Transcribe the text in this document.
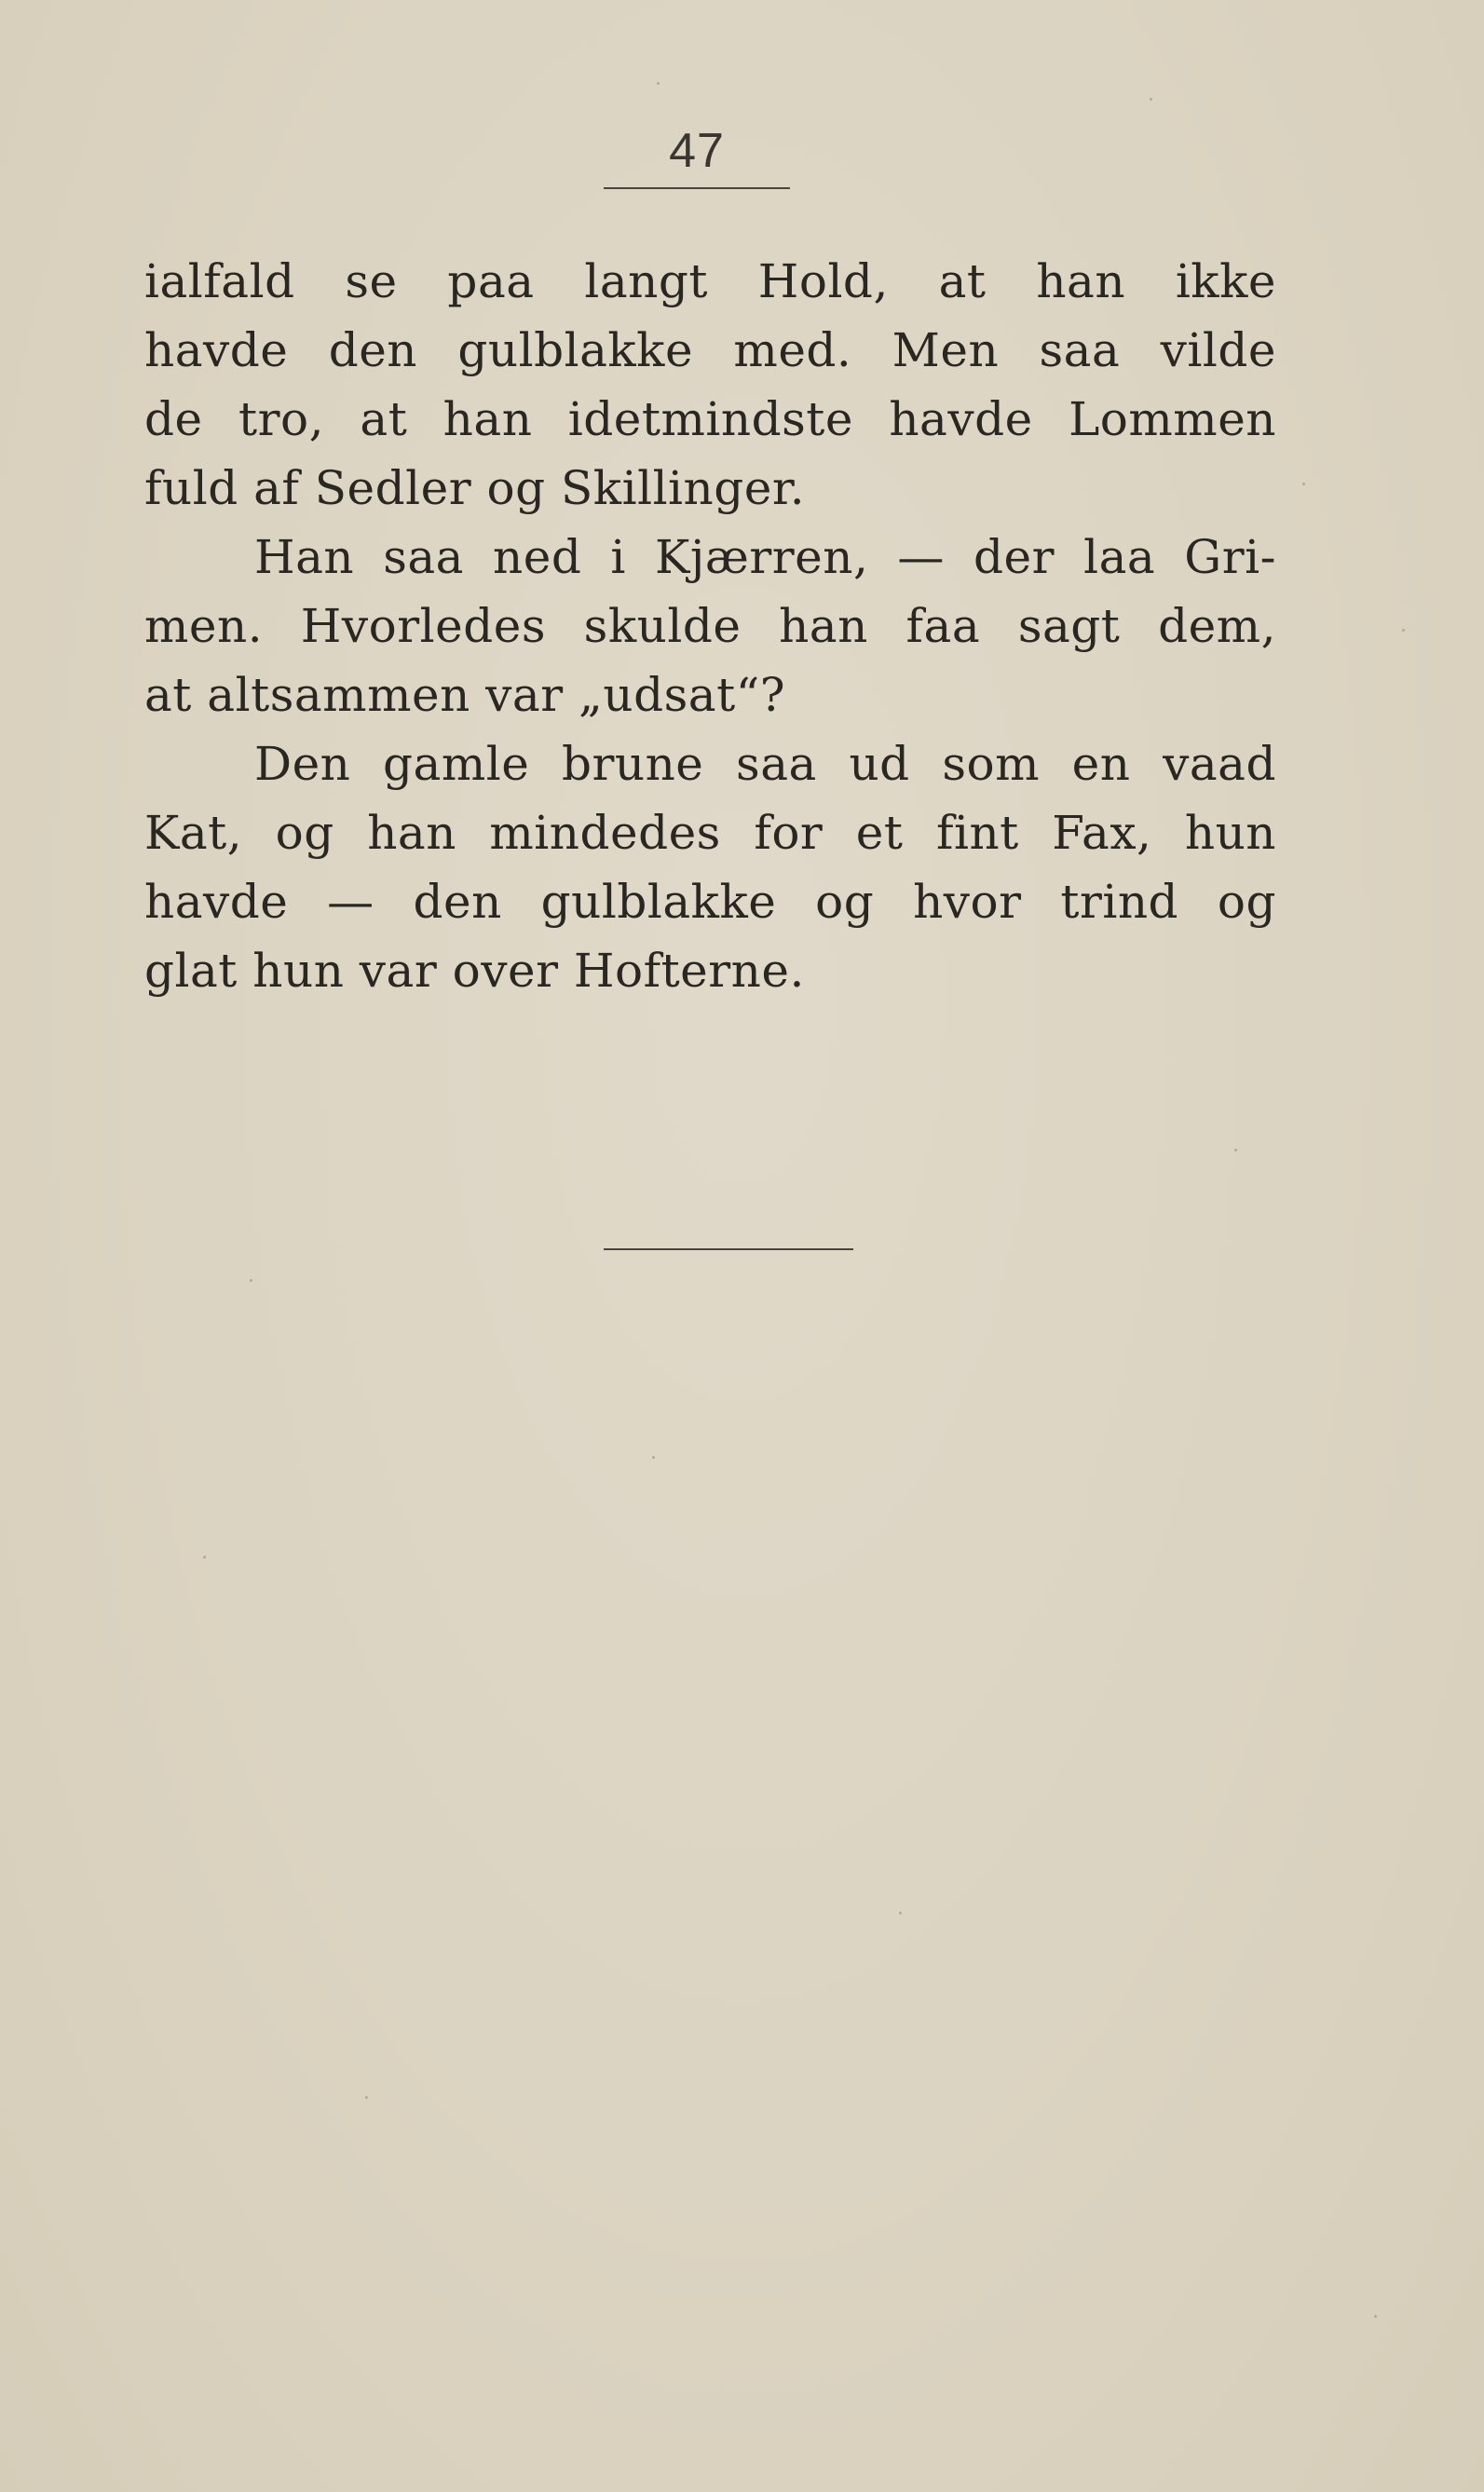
47
ialfald se paa langt Hold, at han ikke
havde den gulblakke med. Men saa vilde
de tro, at han idetmindste havde Lommen
fuld af Sedler og Skillinger.
Han saa ned i Kjærren, — der laa Gri-
men. Hvorledes skulde han faa sagt dem,
at altsammen var „udsat“?
Den gamle brune saa ud som en vaad
Kat, og han mindedes for et fint Fax, hun
havde — den gulblakke og hvor trind og
glat hun var over Hofterne.
